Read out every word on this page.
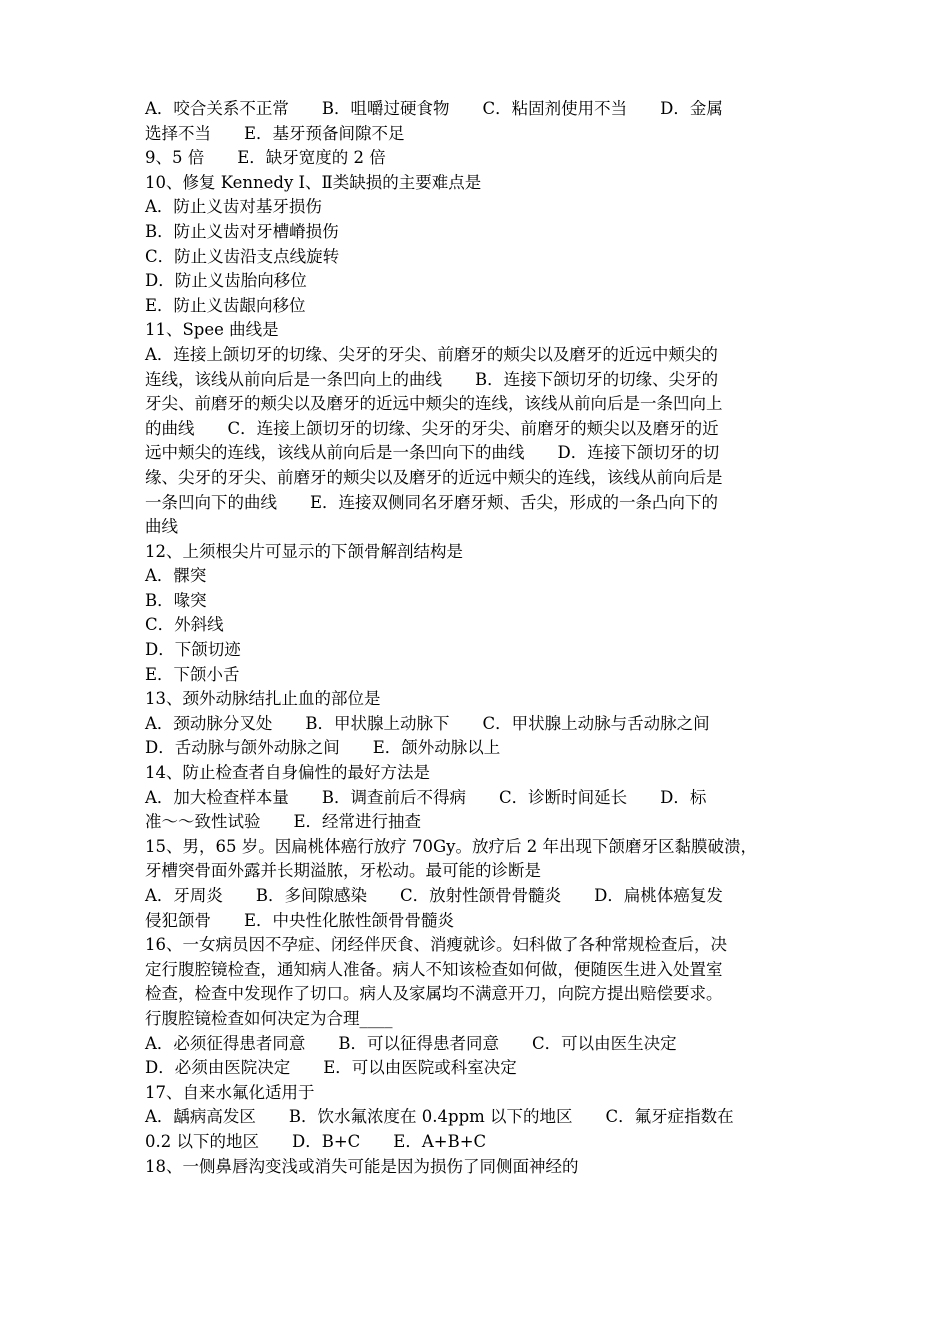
A．咬合关系不正常　　B．咀嚼过硬食物　　C．粘固剂使用不当　　D．金属
选择不当　　E．基牙预备间隙不足
9、5 倍　　E．缺牙宽度的 2 倍
10、修复 Kennedy Ⅰ、Ⅱ类缺损的主要难点是
A．防止义齿对基牙损伤
B．防止义齿对牙槽嵴损伤
C．防止义齿沿支点线旋转
D．防止义齿胎向移位
E．防止义齿龈向移位
11、Spee 曲线是
A．连接上颌切牙的切缘、尖牙的牙尖、前磨牙的颊尖以及磨牙的近远中颊尖的
连线，该线从前向后是一条凹向上的曲线　　B．连接下颌切牙的切缘、尖牙的
牙尖、前磨牙的颊尖以及磨牙的近远中颊尖的连线，该线从前向后是一条凹向上
的曲线　　C．连接上颌切牙的切缘、尖牙的牙尖、前磨牙的颊尖以及磨牙的近
远中颊尖的连线，该线从前向后是一条凹向下的曲线　　D．连接下颌切牙的切
缘、尖牙的牙尖、前磨牙的颊尖以及磨牙的近远中颊尖的连线，该线从前向后是
一条凹向下的曲线　　E．连接双侧同名牙磨牙颊、舌尖，形成的一条凸向下的
曲线
12、上须根尖片可显示的下颌骨解剖结构是
A．髁突
B．喙突
C．外斜线
D．下颌切迹
E．下颌小舌
13、颈外动脉结扎止血的部位是
A．颈动脉分叉处　　B．甲状腺上动脉下　　C．甲状腺上动脉与舌动脉之间
D．舌动脉与颌外动脉之间　　E．颌外动脉以上
14、防止检查者自身偏性的最好方法是
A．加大检查样本量　　B．调查前后不得病　　C．诊断时间延长　　D．标
准～～致性试验　　E．经常进行抽查
15、男，65 岁。因扁桃体癌行放疗 70Gy。放疗后 2 年出现下颌磨牙区黏膜破溃，
牙槽突骨面外露并长期溢脓，牙松动。最可能的诊断是
A．牙周炎　　B．多间隙感染　　C．放射性颌骨骨髓炎　　D．扁桃体癌复发
侵犯颌骨　　E．中央性化脓性颌骨骨髓炎
16、一女病员因不孕症、闭经伴厌食、消瘦就诊。妇科做了各种常规检查后，决
定行腹腔镜检查，通知病人准备。病人不知该检查如何做，便随医生进入处置室
检查，检查中发现作了切口。病人及家属均不满意开刀，向院方提出赔偿要求。
行腹腔镜检查如何决定为合理____
A．必须征得患者同意　　B．可以征得患者同意　　C．可以由医生决定
D．必须由医院决定　　E．可以由医院或科室决定
17、自来水氟化适用于
A．龋病高发区　　B．饮水氟浓度在 0.4ppm 以下的地区　　C．氟牙症指数在
0.2 以下的地区　　D．B+C　　E．A+B+C
18、一侧鼻唇沟变浅或消失可能是因为损伤了同侧面神经的
